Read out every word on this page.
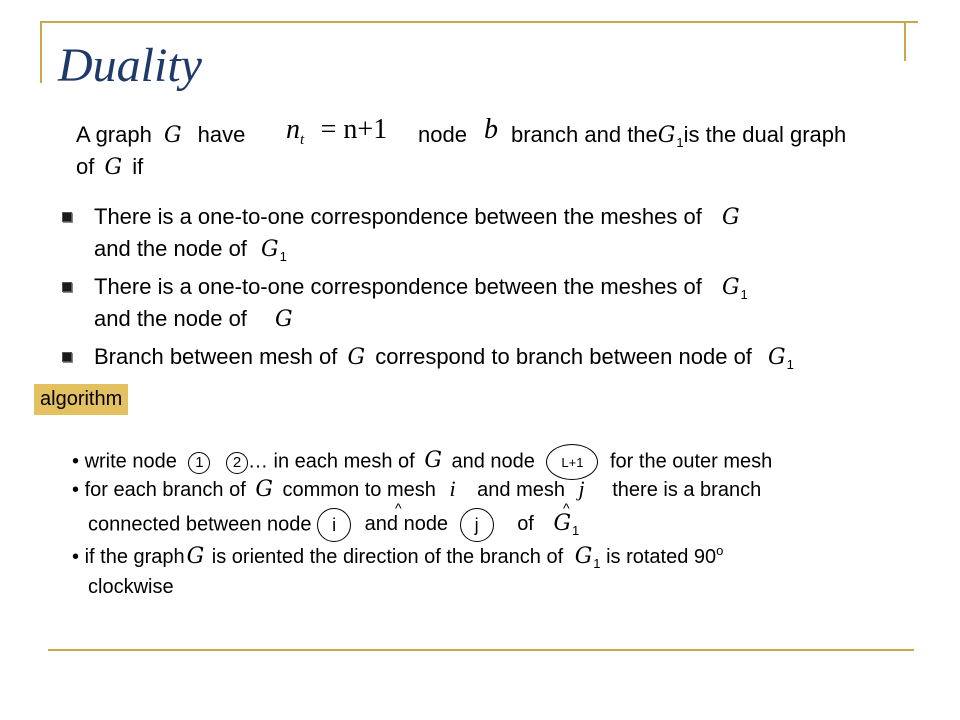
Duality
A graph G have nt = n+1 node b branch and theG$_1$is the dual graph
of G if
There is a one-to-one correspondence between the meshes of G
and the node of $G_1$
There is a one-to-one correspondence between the meshes of $G_1$
and the node of G
Branch between mesh of G correspond to branch between node of $G_1$
algorithm
• write node 1
2 … in each mesh of G and node L+1 for the outer mesh
• for each branch of G common to mesh i and mesh j there is a branch
connected between node i and node j of $G_1$
• if the graphG is oriented the direction of the branch of $G_1$ is rotated 90$^o$
clockwise
^	^
